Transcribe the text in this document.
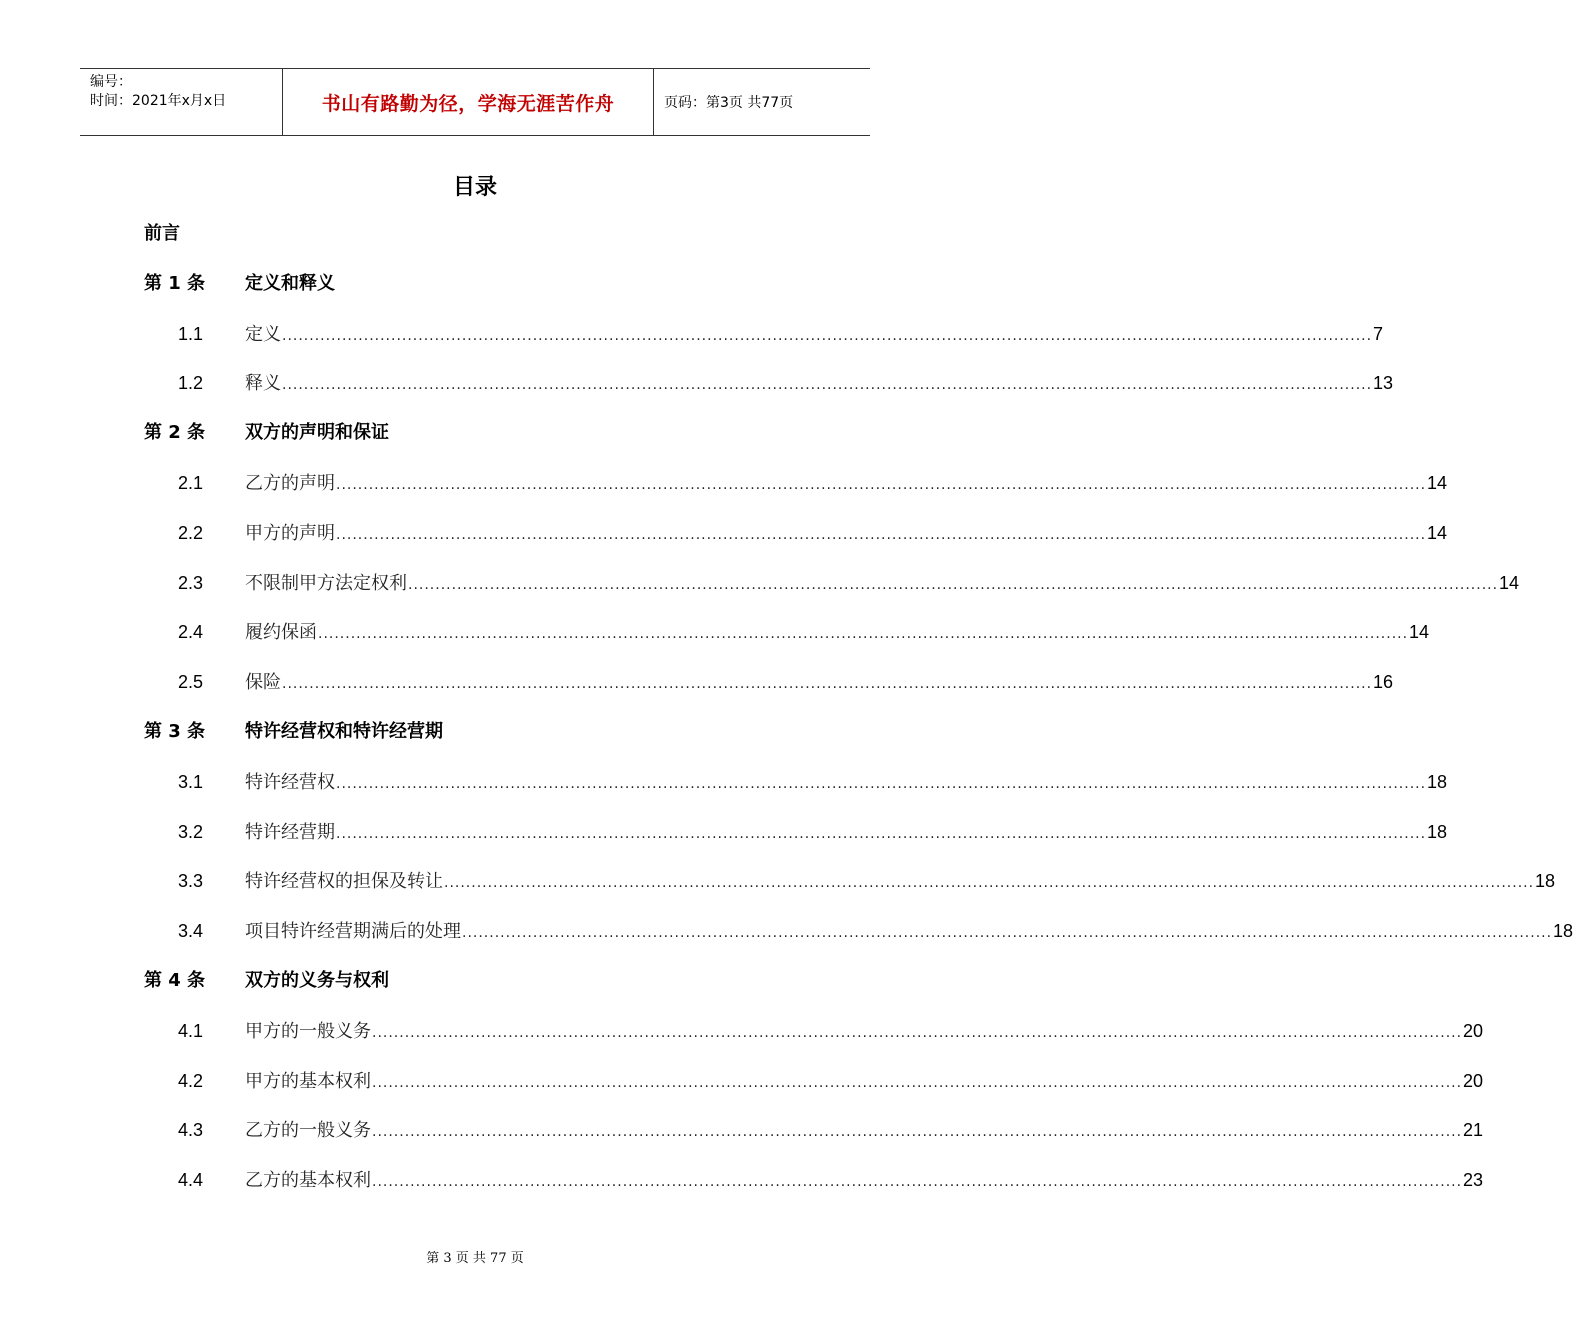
编号：
时间：2021年x月x日	书山有路勤为径，学海无涯苦作舟	页码：第3页 共77页
目录
前言
第 1 条 定义和释义
1.1 定义 ........................................................................................................................................................................................................ 7
1.2 释义 ........................................................................................................................................................................................................ 13
第 2 条 双方的声明和保证
2.1 乙方的声明 ........................................................................................................................................................................................................ 14
2.2 甲方的声明 ........................................................................................................................................................................................................ 14
2.3 不限制甲方法定权利 ........................................................................................................................................................................................................ 14
2.4 履约保函 ........................................................................................................................................................................................................ 14
2.5 保险 ........................................................................................................................................................................................................ 16
第 3 条 特许经营权和特许经营期
3.1 特许经营权 ........................................................................................................................................................................................................ 18
3.2 特许经营期 ........................................................................................................................................................................................................ 18
3.3 特许经营权的担保及转让 ........................................................................................................................................................................................................ 18
3.4 项目特许经营期满后的处理 ........................................................................................................................................................................................................ 18
第 4 条 双方的义务与权利
4.1 甲方的一般义务 ........................................................................................................................................................................................................ 20
4.2 甲方的基本权利 ........................................................................................................................................................................................................ 20
4.3 乙方的一般义务 ........................................................................................................................................................................................................ 21
4.4 乙方的基本权利 ........................................................................................................................................................................................................ 23
第 3 页 共 77 页
